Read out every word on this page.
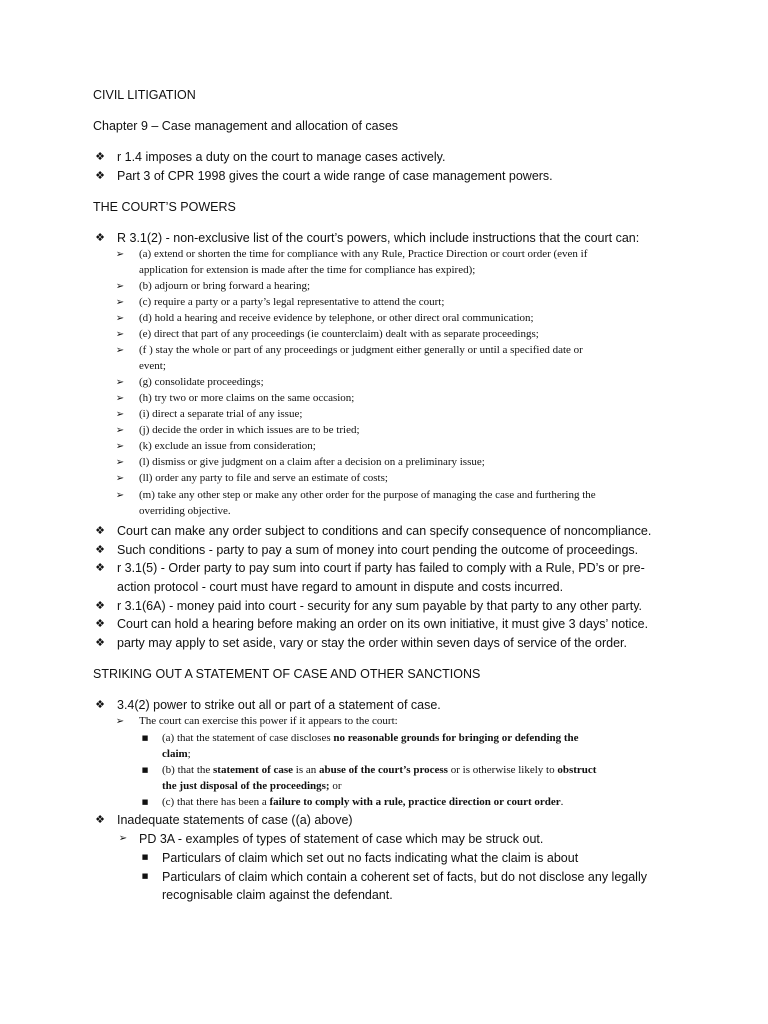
CIVIL LITIGATION
Chapter 9 – Case management and allocation of cases
❖ r 1.4 imposes a duty on the court to manage cases actively.
❖ Part 3 of CPR 1998 gives the court a wide range of case management powers.
THE COURT’S POWERS
❖ R 3.1(2) - non-exclusive list of the court’s powers, which include instructions that the court can:
➢ (a) extend or shorten the time for compliance with any Rule, Practice Direction or court order (even if
application for extension is made after the time for compliance has expired);
➢ (b) adjourn or bring forward a hearing;
➢ (c) require a party or a party’s legal representative to attend the court;
➢ (d) hold a hearing and receive evidence by telephone, or other direct oral communication;
➢ (e) direct that part of any proceedings (ie counterclaim) dealt with as separate proceedings;
➢ (f ) stay the whole or part of any proceedings or judgment either generally or until a specified date or
event;
➢ (g) consolidate proceedings;
➢ (h) try two or more claims on the same occasion;
➢ (i) direct a separate trial of any issue;
➢ (j) decide the order in which issues are to be tried;
➢ (k) exclude an issue from consideration;
➢ (l) dismiss or give judgment on a claim after a decision on a preliminary issue;
➢ (ll) order any party to file and serve an estimate of costs;
➢ (m) take any other step or make any other order for the purpose of managing the case and furthering the
overriding objective.
❖ Court can make any order subject to conditions and can specify consequence of noncompliance.
❖ Such conditions - party to pay a sum of money into court pending the outcome of proceedings.
❖ r 3.1(5) - Order party to pay sum into court if party has failed to comply with a Rule, PD’s or pre-
action protocol - court must have regard to amount in dispute and costs incurred.
❖ r 3.1(6A) - money paid into court - security for any sum payable by that party to any other party.
❖ Court can hold a hearing before making an order on its own initiative, it must give 3 days’ notice.
❖ party may apply to set aside, vary or stay the order within seven days of service of the order.
STRIKING OUT A STATEMENT OF CASE AND OTHER SANCTIONS
❖ 3.4(2) power to strike out all or part of a statement of case.
➢ The court can exercise this power if it appears to the court:
■	(a) that the statement of case discloses no reasonable grounds for bringing or defending the
claim;
■	(b) that the statement of case is an abuse of the court’s process or is otherwise likely to obstruct
the just disposal of the proceedings; or
■	(c) that there has been a failure to comply with a rule, practice direction or court order.
❖ Inadequate statements of case ((a) above)
➢ PD 3A - examples of types of statement of case which may be struck out.
■ Particulars of claim which set out no facts indicating what the claim is about
■ Particulars of claim which contain a coherent set of facts, but do not disclose any legally
recognisable claim against the defendant.
